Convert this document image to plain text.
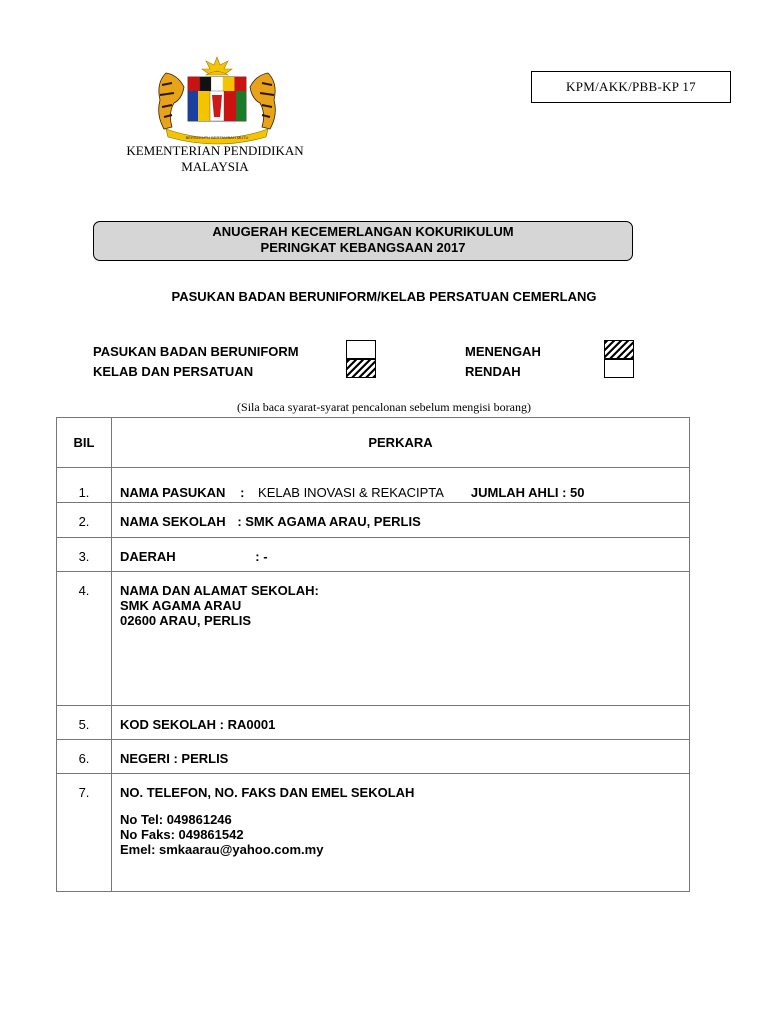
BERSEKUTU BERTAMBAH MUTU
KEMENTERIAN PENDIDIKAN
MALAYSIA
KPM/AKK/PBB-KP 17
ANUGERAH KECEMERLANGAN KOKURIKULUM
PERINGKAT KEBANGSAAN 2017
PASUKAN BADAN BERUNIFORM/KELAB PERSATUAN CEMERLANG
PASUKAN BADAN BERUNIFORM
KELAB DAN PERSATUAN
MENENGAH
RENDAH
(Sila baca syarat-syarat pencalonan sebelum mengisi borang)
BIL	PERKARA
1.	NAMA PASUKAN : KELAB INOVASI & REKACIPTA JUMLAH AHLI : 50
2.	NAMA SEKOLAH : SMK AGAMA ARAU, PERLIS
3.	DAERAH : -
4.	NAMA DAN ALAMAT SEKOLAH:
SMK AGAMA ARAU
02600 ARAU, PERLIS

5.	KOD SEKOLAH : RA0001
6.	NEGERI : PERLIS
7.	NO. TELEFON, NO. FAKS DAN EMEL SEKOLAH
No Tel: 049861246
No Faks: 049861542
Emel: smkaarau@yahoo.com.my
